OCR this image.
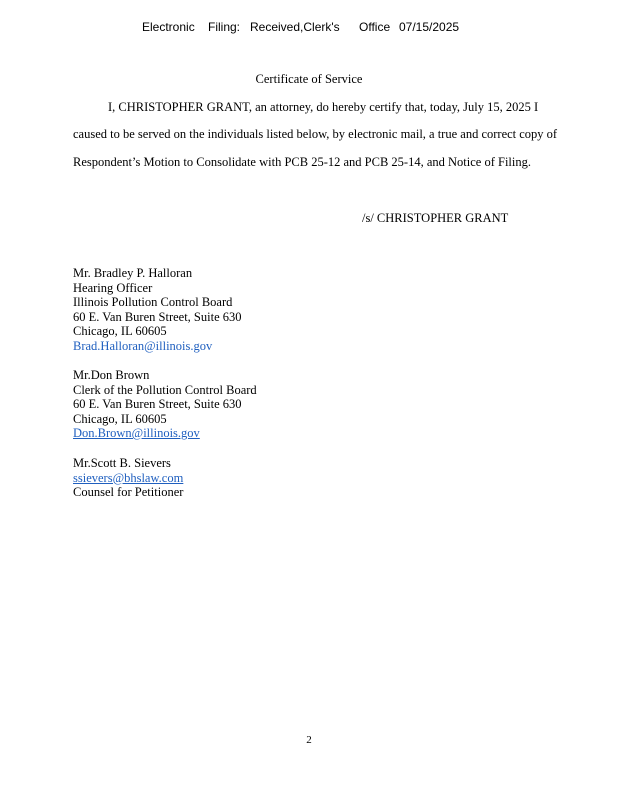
Electronic Filing: Received,Clerk's Office 07/15/2025
Certificate of Service
I, CHRISTOPHER GRANT, an attorney, do hereby certify that, today, July 15, 2025 I
caused to be served on the individuals listed below, by electronic mail, a true and correct copy of
Respondent’s Motion to Consolidate with PCB 25-12 and PCB 25-14, and Notice of Filing.
/s/ CHRISTOPHER GRANT
Mr. Bradley P. Halloran
Hearing Officer
Illinois Pollution Control Board
60 E. Van Buren Street, Suite 630
Chicago, IL 60605
Brad.Halloran@illinois.gov
Mr.Don Brown
Clerk of the Pollution Control Board
60 E. Van Buren Street, Suite 630
Chicago, IL 60605
Don.Brown@illinois.gov
Mr.Scott B. Sievers
ssievers@bhslaw.com
Counsel for Petitioner
2
